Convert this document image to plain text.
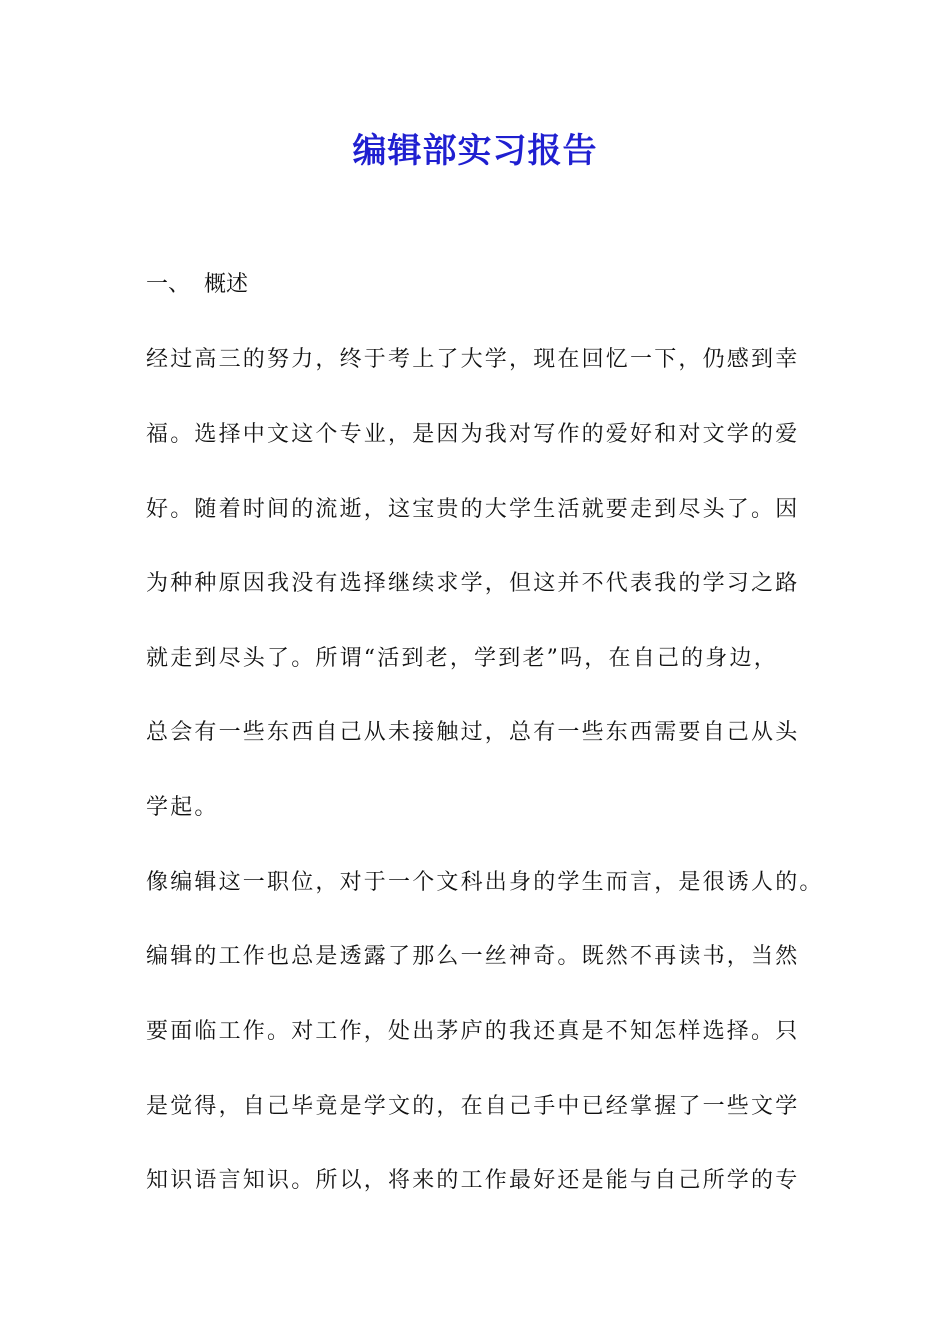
编辑部实习报告

一、  概述

经过高三的努力，终于考上了大学，现在回忆一下，仍感到幸

福。选择中文这个专业，是因为我对写作的爱好和对文学的爱

好。随着时间的流逝，这宝贵的大学生活就要走到尽头了。因

为种种原因我没有选择继续求学，但这并不代表我的学习之路

就走到尽头了。所谓“活到老，学到老”吗，在自己的身边，

总会有一些东西自己从未接触过，总有一些东西需要自己从头

学起。

像编辑这一职位，对于一个文科出身的学生而言，是很诱人的。

编辑的工作也总是透露了那么一丝神奇。既然不再读书，当然

要面临工作。对工作，处出茅庐的我还真是不知怎样选择。只

是觉得，自己毕竟是学文的，在自己手中已经掌握了一些文学

知识语言知识。所以，将来的工作最好还是能与自己所学的专
